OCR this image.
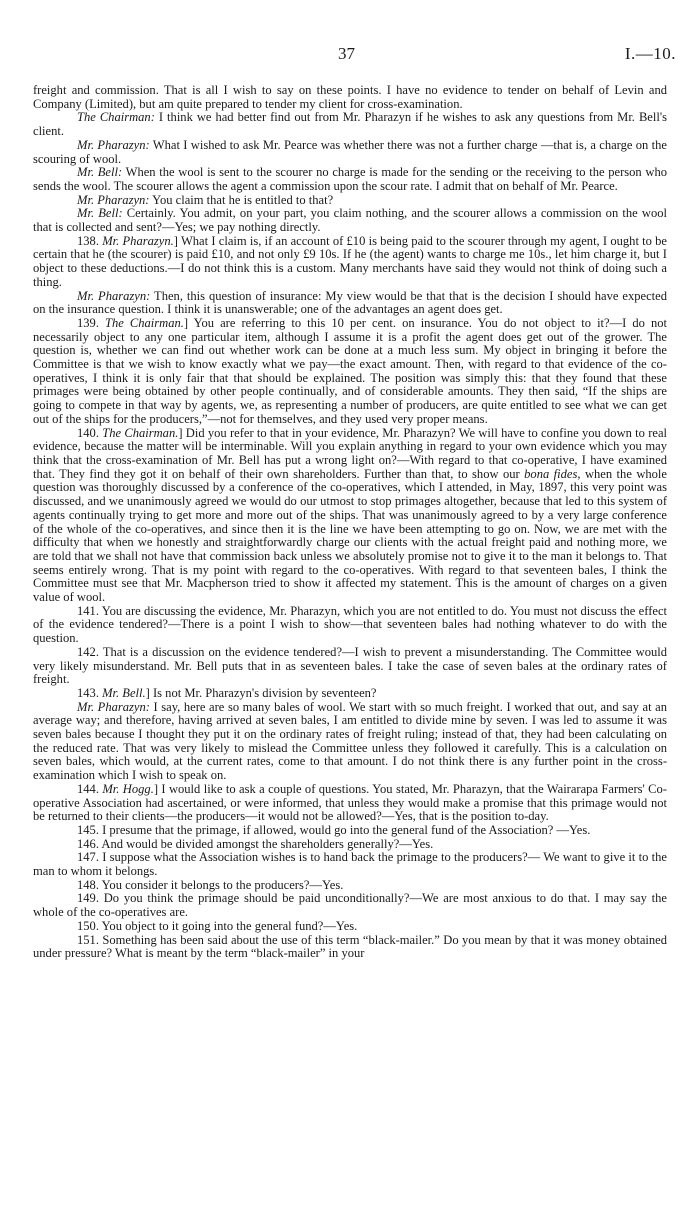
37	I.—10.

freight and commission. That is all I wish to say on these points. I have no evidence to tender on behalf of Levin and Company (Limited), but am quite prepared to tender my client for cross-examination.

The Chairman: I think we had better find out from Mr. Pharazyn if he wishes to ask any questions from Mr. Bell's client.

Mr. Pharazyn: What I wished to ask Mr. Pearce was whether there was not a further charge —that is, a charge on the scouring of wool.

Mr. Bell: When the wool is sent to the scourer no charge is made for the sending or the receiving to the person who sends the wool. The scourer allows the agent a commission upon the scour rate. I admit that on behalf of Mr. Pearce.

Mr. Pharazyn: You claim that he is entitled to that?

Mr. Bell: Certainly. You admit, on your part, you claim nothing, and the scourer allows a commission on the wool that is collected and sent?—Yes; we pay nothing directly.

138. Mr. Pharazyn.] What I claim is, if an account of £10 is being paid to the scourer through my agent, I ought to be certain that he (the scourer) is paid £10, and not only £9 10s. If he (the agent) wants to charge me 10s., let him charge it, but I object to these deductions.—I do not think this is a custom. Many merchants have said they would not think of doing such a thing.

Mr. Pharazyn: Then, this question of insurance: My view would be that that is the decision I should have expected on the insurance question. I think it is unanswerable; one of the advantages an agent does get.

139. The Chairman.] You are referring to this 10 per cent. on insurance. You do not object to it?—I do not necessarily object to any one particular item, although I assume it is a profit the agent does get out of the grower. The question is, whether we can find out whether work can be done at a much less sum. My object in bringing it before the Committee is that we wish to know exactly what we pay—the exact amount. Then, with regard to that evidence of the co-operatives, I think it is only fair that that should be explained. The position was simply this: that they found that these primages were being obtained by other people continually, and of considerable amounts. They then said, “If the ships are going to compete in that way by agents, we, as representing a number of producers, are quite entitled to see what we can get out of the ships for the producers,”—not for themselves, and they used very proper means.

140. The Chairman.] Did you refer to that in your evidence, Mr. Pharazyn? We will have to confine you down to real evidence, because the matter will be interminable. Will you explain anything in regard to your own evidence which you may think that the cross-examination of Mr. Bell has put a wrong light on?—With regard to that co-operative, I have examined that. They find they got it on behalf of their own shareholders. Further than that, to show our bona fides, when the whole question was thoroughly discussed by a conference of the co-operatives, which I attended, in May, 1897, this very point was discussed, and we unanimously agreed we would do our utmost to stop primages altogether, because that led to this system of agents continually trying to get more and more out of the ships. That was unanimously agreed to by a very large conference of the whole of the co-operatives, and since then it is the line we have been attempting to go on. Now, we are met with the difficulty that when we honestly and straightforwardly charge our clients with the actual freight paid and nothing more, we are told that we shall not have that commission back unless we absolutely promise not to give it to the man it belongs to. That seems entirely wrong. That is my point with regard to the co-operatives. With regard to that seventeen bales, I think the Committee must see that Mr. Macpherson tried to show it affected my statement. This is the amount of charges on a given value of wool.

141. You are discussing the evidence, Mr. Pharazyn, which you are not entitled to do. You must not discuss the effect of the evidence tendered?—There is a point I wish to show—that seventeen bales had nothing whatever to do with the question.

142. That is a discussion on the evidence tendered?—I wish to prevent a misunderstanding. The Committee would very likely misunderstand. Mr. Bell puts that in as seventeen bales. I take the case of seven bales at the ordinary rates of freight.

143. Mr. Bell.] Is not Mr. Pharazyn's division by seventeen?

Mr. Pharazyn: I say, here are so many bales of wool. We start with so much freight. I worked that out, and say at an average way; and therefore, having arrived at seven bales, I am entitled to divide mine by seven. I was led to assume it was seven bales because I thought they put it on the ordinary rates of freight ruling; instead of that, they had been calculating on the reduced rate. That was very likely to mislead the Committee unless they followed it carefully. This is a calculation on seven bales, which would, at the current rates, come to that amount. I do not think there is any further point in the cross-examination which I wish to speak on.

144. Mr. Hogg.] I would like to ask a couple of questions. You stated, Mr. Pharazyn, that the Wairarapa Farmers' Co-operative Association had ascertained, or were informed, that unless they would make a promise that this primage would not be returned to their clients—the producers—it would not be allowed?—Yes, that is the position to-day.

145. I presume that the primage, if allowed, would go into the general fund of the Association? —Yes.

146. And would be divided amongst the shareholders generally?—Yes.

147. I suppose what the Association wishes is to hand back the primage to the producers?— We want to give it to the man to whom it belongs.

148. You consider it belongs to the producers?—Yes.

149. Do you think the primage should be paid unconditionally?—We are most anxious to do that. I may say the whole of the co-operatives are.

150. You object to it going into the general fund?—Yes.

151. Something has been said about the use of this term “black-mailer.” Do you mean by that it was money obtained under pressure? What is meant by the term “black-mailer” in your
